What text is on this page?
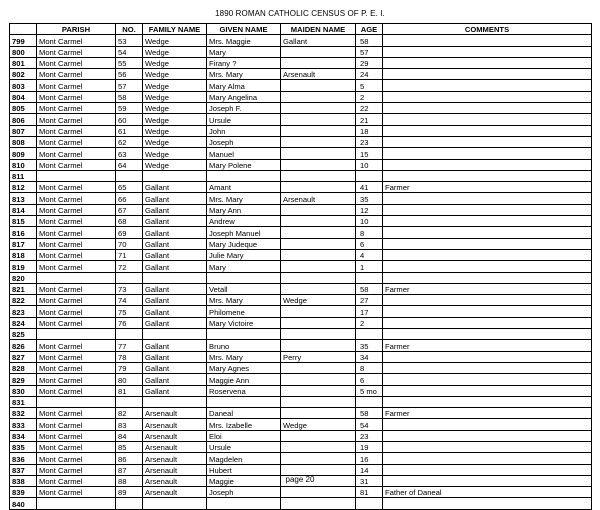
1890 ROMAN CATHOLIC CENSUS OF P. E. I.
	PARISH	NO.	FAMILY NAME	GIVEN NAME	MAIDEN NAME	AGE	COMMENTS
799	Mont Carmel	53	Wedge	Mrs. Maggie	Gallant	58	
800	Mont Carmel	54	Wedge	Mary		57	
801	Mont Carmel	55	Wedge	Firany ?		29	
802	Mont Carmel	56	Wedge	Mrs. Mary	Arsenault	24	
803	Mont Carmel	57	Wedge	Mary Alma		5	
804	Mont Carmel	58	Wedge	Mary Angelina		2	
805	Mont Carmel	59	Wedge	Joseph F.		22	
806	Mont Carmel	60	Wedge	Ursule		21	
807	Mont Carmel	61	Wedge	John		18	
808	Mont Carmel	62	Wedge	Joseph		23	
809	Mont Carmel	63	Wedge	Manuel		15	
810	Mont Carmel	64	Wedge	Mary Polene		10	
811							
812	Mont Carmel	65	Gallant	Amant		41	Farmer
813	Mont Carmel	66	Gallant	Mrs. Mary	Arsenault	35	
814	Mont Carmel	67	Gallant	Mary Ann		12	
815	Mont Carmel	68	Gallant	Andrew		10	
816	Mont Carmel	69	Gallant	Joseph Manuel		8	
817	Mont Carmel	70	Gallant	Mary Judeque		6	
818	Mont Carmel	71	Gallant	Julie Mary		4	
819	Mont Carmel	72	Gallant	Mary		1	
820							
821	Mont Carmel	73	Gallant	Vetall		58	Farmer
822	Mont Carmel	74	Gallant	Mrs. Mary	Wedge	27	
823	Mont Carmel	75	Gallant	Philomene		17	
824	Mont Carmel	76	Gallant	Mary Victoire		2	
825							
826	Mont Carmel	77	Gallant	Bruno		35	Farmer
827	Mont Carmel	78	Gallant	Mrs. Mary	Perry	34	
828	Mont Carmel	79	Gallant	Mary Agnes		8	
829	Mont Carmel	80	Gallant	Maggie Ann		6	
830	Mont Carmel	81	Gallant	Roservena		5 mo	
831							
832	Mont Carmel	82	Arsenault	Daneal		58	Farmer
833	Mont Carmel	83	Arsenault	Mrs. Izabelle	Wedge	54	
834	Mont Carmel	84	Arsenault	Eloi		23	
835	Mont Carmel	85	Arsenault	Ursule		19	
836	Mont Carmel	86	Arsenault	Magdelen		16	
837	Mont Carmel	87	Arsenault	Hubert		14	
838	Mont Carmel	88	Arsenault	Maggie		31	
839	Mont Carmel	89	Arsenault	Joseph		81	Father of Daneal
840							
page 20
